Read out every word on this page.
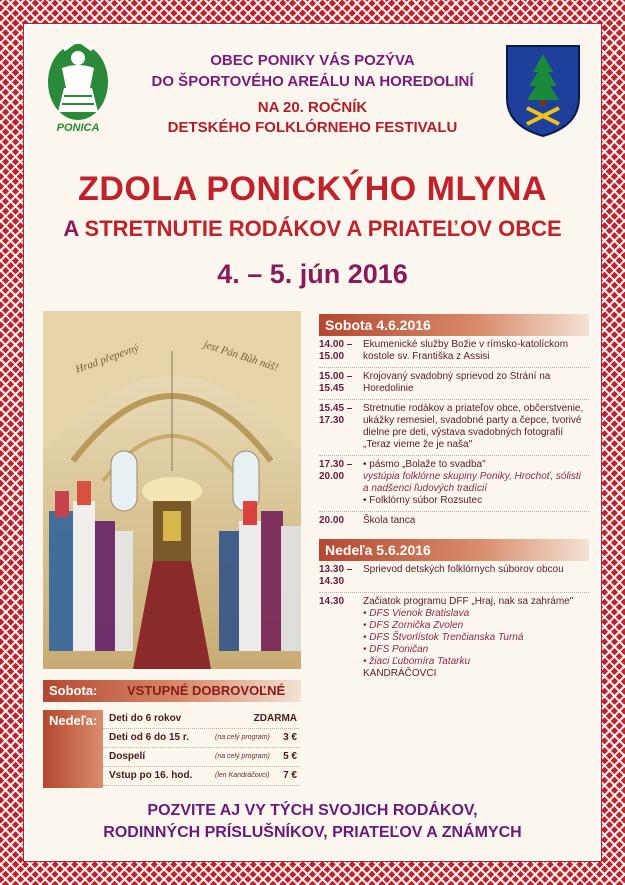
PONICA
OBEC PONIKY VÁS POZÝVA
DO ŠPORTOVÉHO AREÁLU NA HOREDOLINÍ
NA 20. ROČNÍK
DETSKÉHO FOLKLÓRNEHO FESTIVALU
ZDOLA PONICKÝHO MLYNA
A STRETNUTIE RODÁKOV A PRIATEĽOV OBCE
4. – 5. jún 2016
Hrad přepevný	jest Pán Bůh náš!
Sobota 4.6.2016
14.00 – 15.00
Ekumenické služby Božie v rímsko-katolíckom kostole sv. Františka z Assisi
15.00 – 15.45
Krojovaný svadobný sprievod zo Strání na Horedolinie
15.45 – 17.30
Stretnutie rodákov a priateľov obce, občerstvenie, ukážky remesiel, svadobné party a čepce, tvorivé dielne pre deti, výstava svadobných fotografií „Teraz vieme že je naša"
17.30 – 20.00
• pásmo „Bolaže to svadba"
vystúpia folklórne skupiny Poniky, Hrochoť, sólisti a nadšenci ľudových tradícií
• Folklórny súbor Rozsutec
20.00	Škola tanca
Nedeľa 5.6.2016
13.30 – 14.30
Sprievod detských folklórnych súborov obcou
14.30	Začiatok programu DFF „Hraj, nak sa zahráme"
• DFS Vienok Bratislava
• DFS Zornička Zvolen
• DFS Štvorlístok Trenčianska Turná
• DFS Poničan
• žiaci Ľubomíra Tatarku
KANDRÁČOVCI
Sobota: VSTUPNÉ DOBROVOĽNÉ
Nedeľa: Deti do 6 rokov	ZDARMA
Deti od 6 do 15 r.	(na celý program) 3 €
Dospelí	(na celý program) 5 €
Vstup po 16. hod.	(len Kandráčovci) 7 €
POZVITE AJ VY TÝCH SVOJICH RODÁKOV,
RODINNÝCH PRÍSLUŠNÍKOV, PRIATEĽOV A ZNÁMYCH
